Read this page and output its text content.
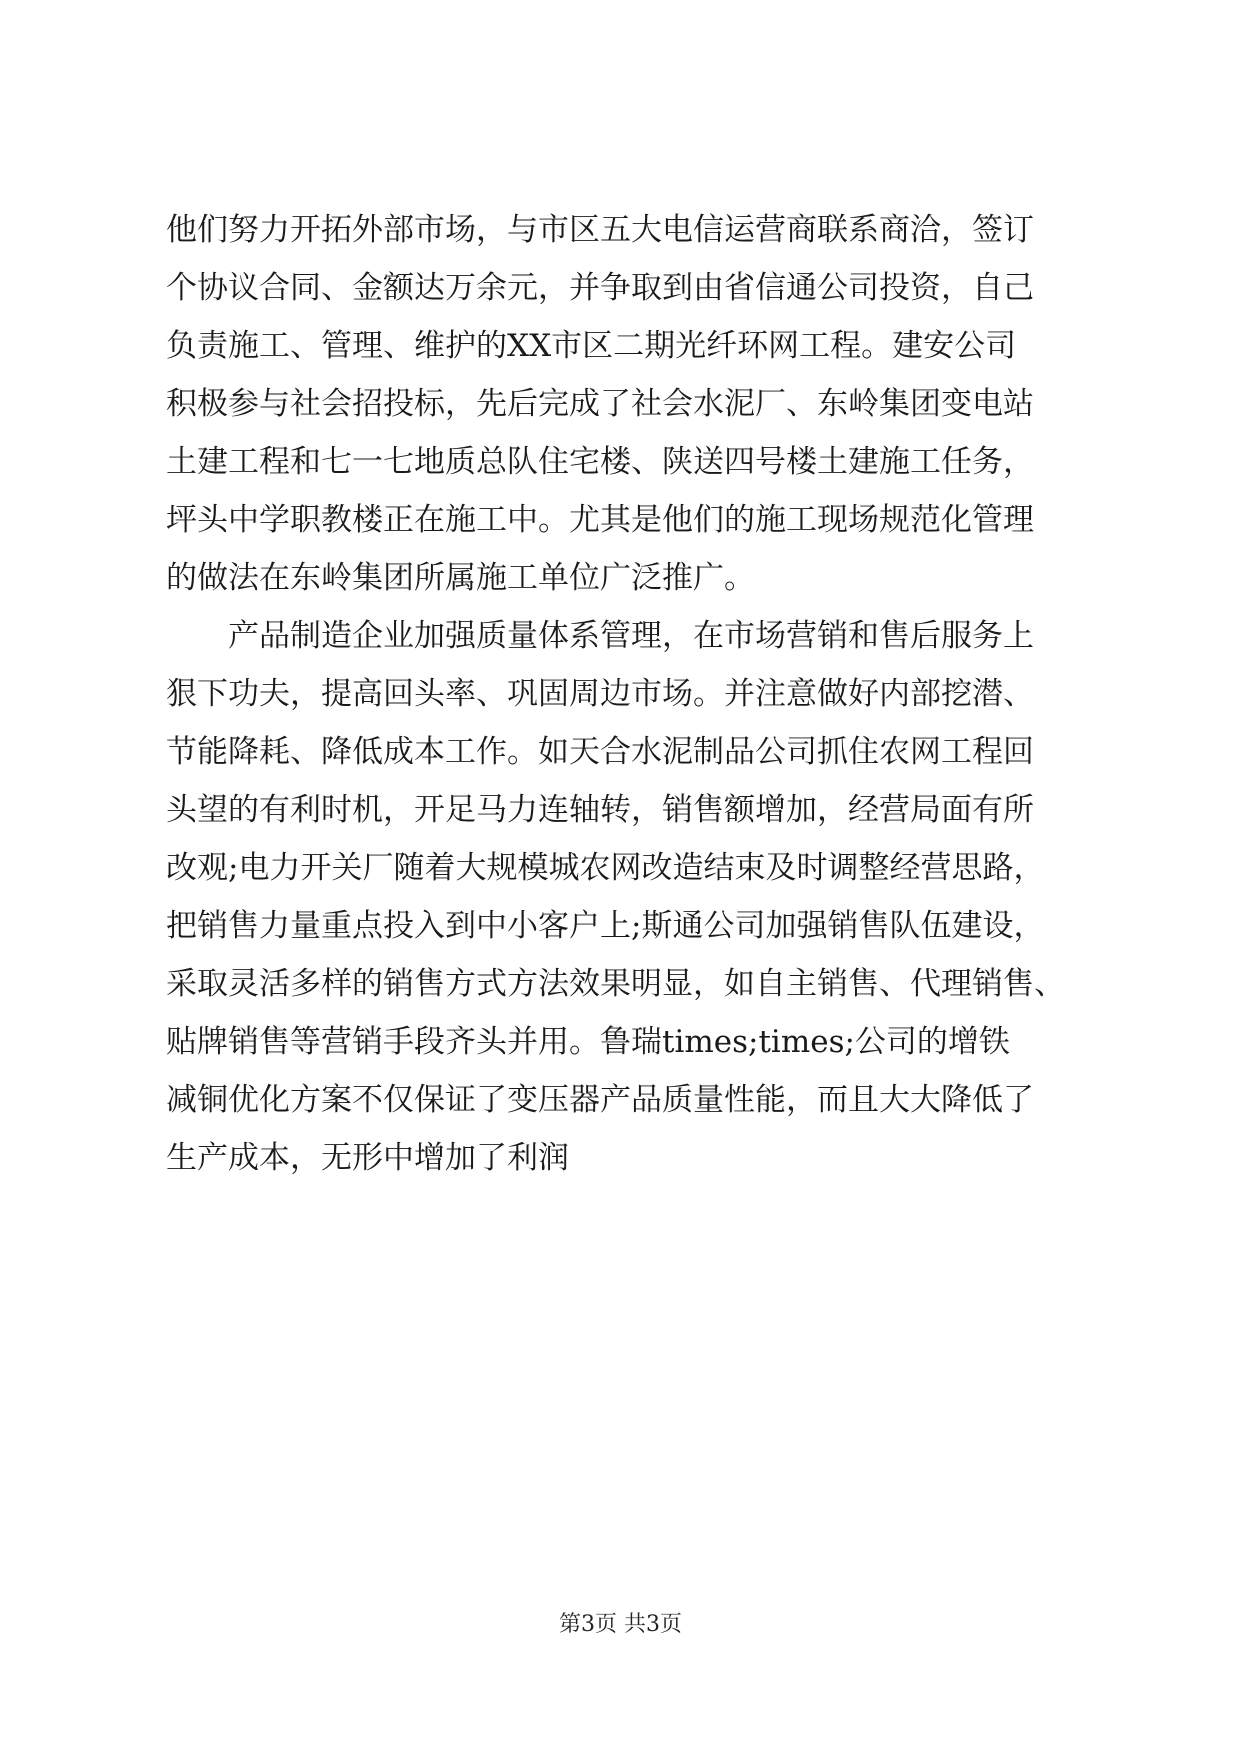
他们努力开拓外部市场，与市区五大电信运营商联系商洽，签订
个协议合同、金额达万余元，并争取到由省信通公司投资，自己
负责施工、管理、维护的XX市区二期光纤环网工程。建安公司
积极参与社会招投标，先后完成了社会水泥厂、东岭集团变电站
土建工程和七一七地质总队住宅楼、陕送四号楼土建施工任务，
坪头中学职教楼正在施工中。尤其是他们的施工现场规范化管理
的做法在东岭集团所属施工单位广泛推广。
　　产品制造企业加强质量体系管理，在市场营销和售后服务上
狠下功夫，提高回头率、巩固周边市场。并注意做好内部挖潜、
节能降耗、降低成本工作。如天合水泥制品公司抓住农网工程回
头望的有利时机，开足马力连轴转，销售额增加，经营局面有所
改观;电力开关厂随着大规模城农网改造结束及时调整经营思路，
把销售力量重点投入到中小客户上;斯通公司加强销售队伍建设，
采取灵活多样的销售方式方法效果明显，如自主销售、代理销售、
贴牌销售等营销手段齐头并用。鲁瑞times;times;公司的增铁
减铜优化方案不仅保证了变压器产品质量性能，而且大大降低了
生产成本，无形中增加了利润
第3页 共3页
